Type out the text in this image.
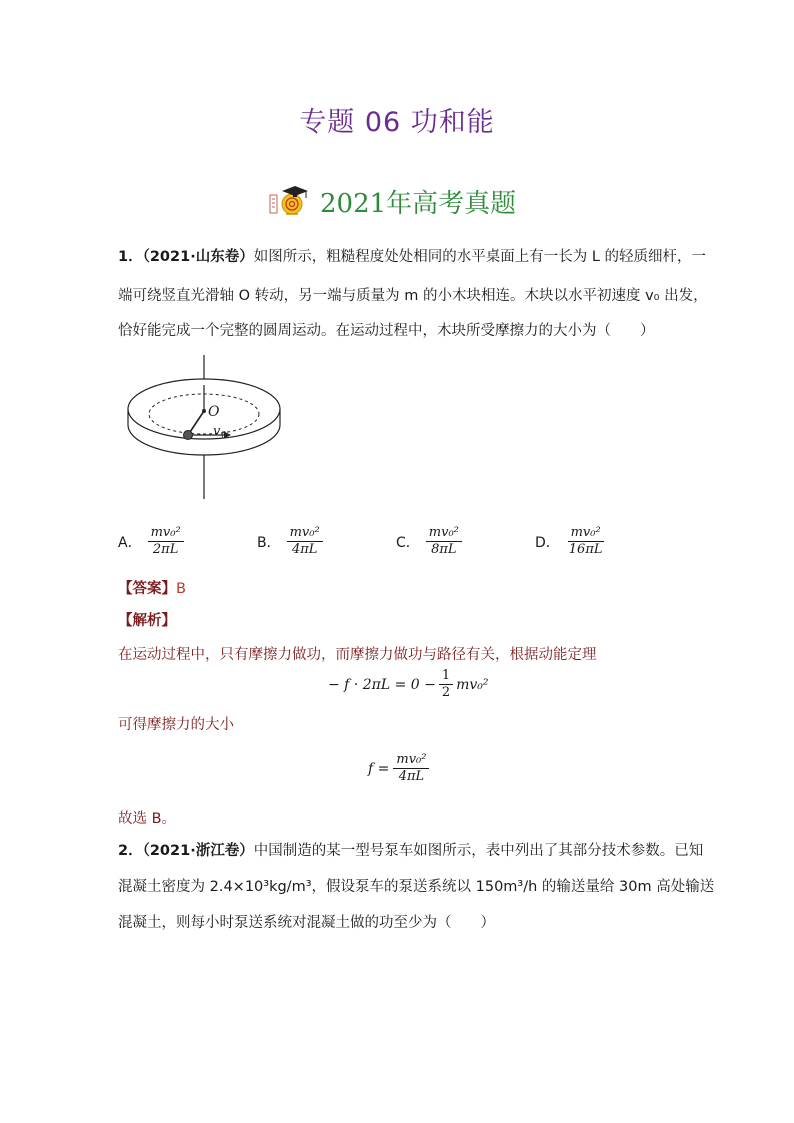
专题 06 功和能
2021年高考真题
1．（2021·山东卷）如图所示，粗糙程度处处相同的水平桌面上有一长为 L 的轻质细杆，一
端可绕竖直光滑轴 O 转动，另一端与质量为 m 的小木块相连。木块以水平初速度 v₀ 出发，
恰好能完成一个完整的圆周运动。在运动过程中，木块所受摩擦力的大小为（　　）
O
v 0
A． $\frac{\text{mv₀²}}{2\pi L}$	B． $\frac{\text{mv₀²}}{4\pi L}$	C． $\frac{\text{mv₀²}}{8\pi L}$	D． $\frac{\text{mv₀²}}{16\pi L}$
【答案】B
【解析】
在运动过程中，只有摩擦力做功，而摩擦力做功与路径有关，根据动能定理
− $f \cdot 2\pi L = 0 - \frac{1}{2} mv_0^2$
可得摩擦力的大小
$f = \frac{\text{mv₀²}}{4\pi L}$
故选 B。
2．（2021·浙江卷）中国制造的某一型号泵车如图所示，表中列出了其部分技术参数。已知
混凝土密度为 2.4×10³kg/m³，假设泵车的泵送系统以 150m³/h 的输送量给 30m 高处输送
混凝土，则每小时泵送系统对混凝土做的功至少为（　　）
